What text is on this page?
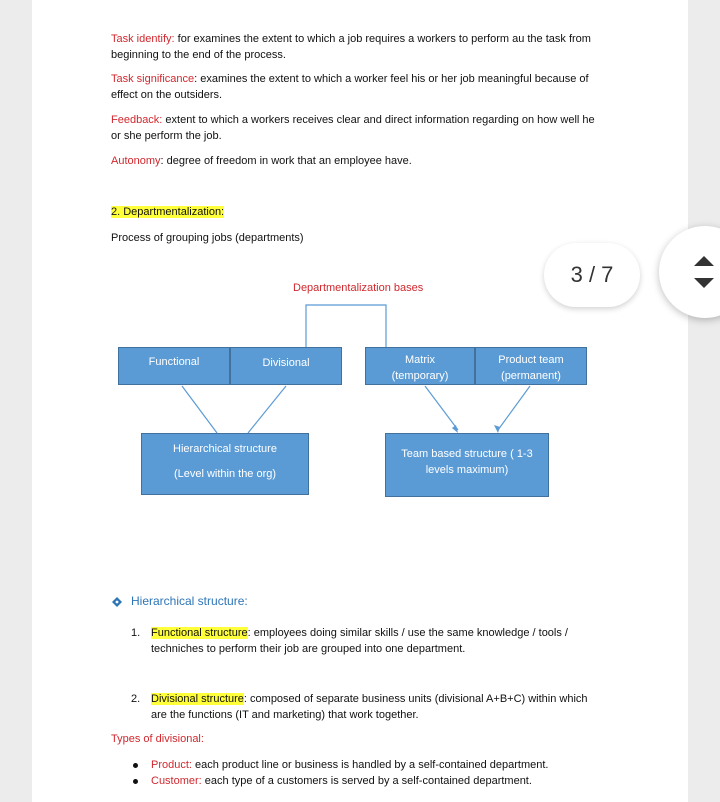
Task identify: for examines the extent to which a job requires a workers to perform au the task from
beginning to the end of the process.
Task significance: examines the extent to which a worker feel his or her job meaningful because of
effect on the outsiders.
Feedback: extent to which a workers receives clear and direct information regarding on how well he
or she perform the job.
Autonomy: degree of freedom in work that an employee have.
2. Departmentalization:
Process of grouping jobs (departments)
Departmentalization bases
Functional	Divisional	Matrix
(temporary)
Product team
(permanent)
Hierarchical structure
(Level within the org)
Team based structure ( 1-3
levels maximum)
Hierarchical structure:
1. Functional structure: employees doing similar skills / use the same knowledge / tools /
techniches to perform their job are grouped into one department.
2. Divisional structure: composed of separate business units (divisional A+B+C) within which
are the functions (IT and marketing) that work together.
Types of divisional:
Product: each product line or business is handled by a self-contained department.
Customer: each type of a customers is served by a self-contained department.
3 / 7
